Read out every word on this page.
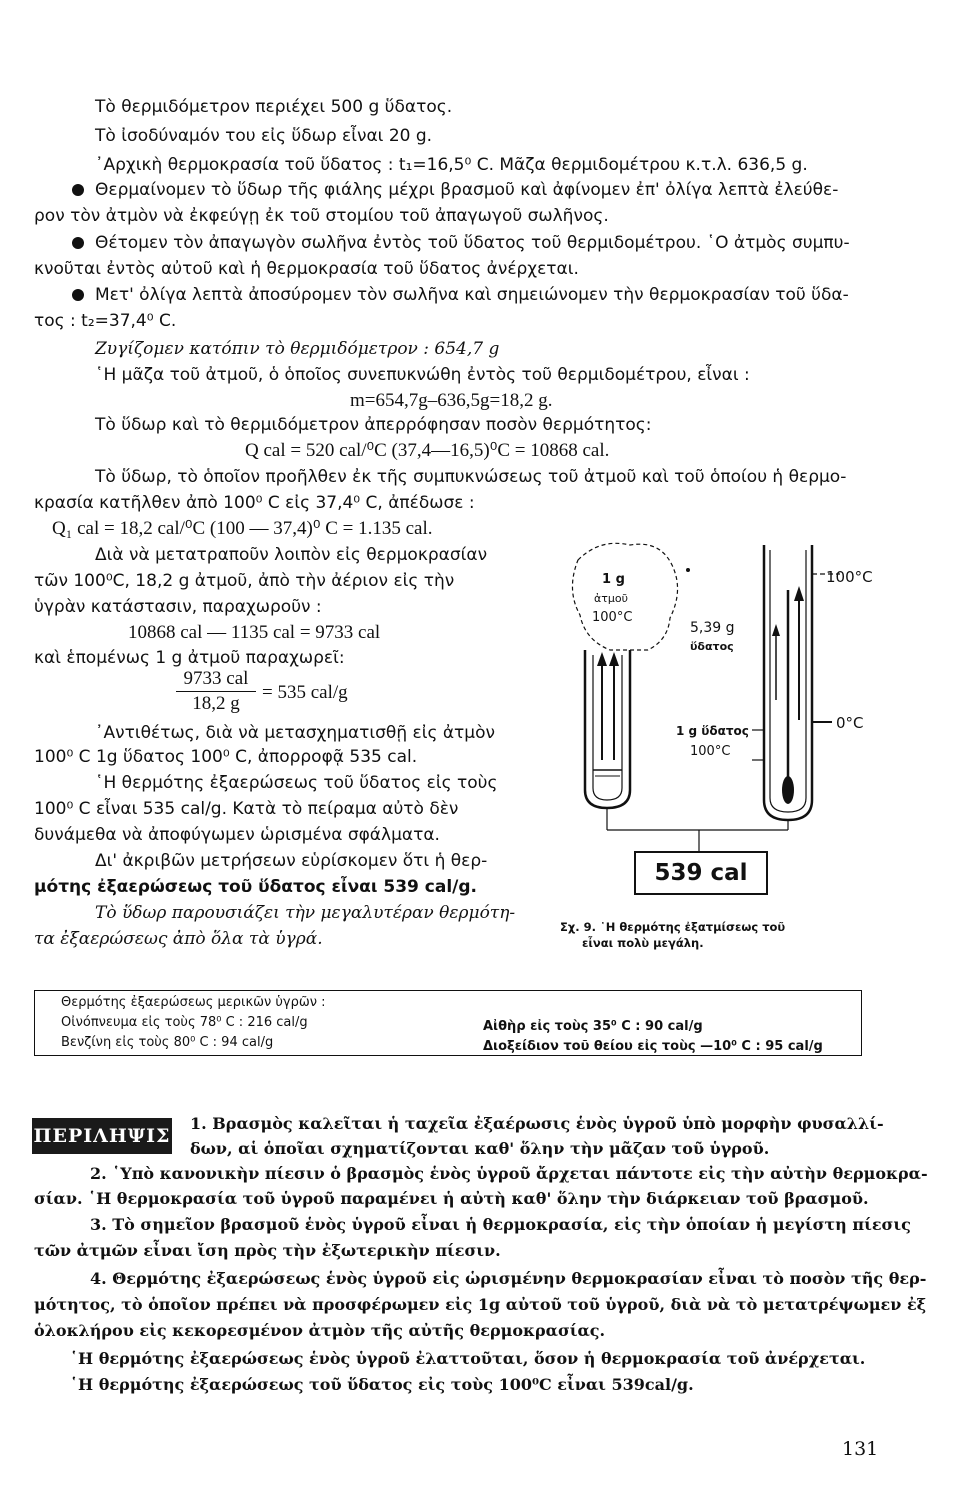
Τὸ θερμιδόμετρον περιέχει 500 g ὕδατος.
Τὸ ἰσοδύναμόν του εἰς ὕδωρ εἶναι 20 g.
᾿Αρχικὴ θερμοκρασία τοῦ ὕδατος : t₁=16,5⁰ C. Μᾶζα θερμιδομέτρου κ.τ.λ. 636,5 g.
Θερμαίνομεν τὸ ὕδωρ τῆς φιάλης μέχρι βρασμοῦ καὶ ἀφίνομεν ἐπ' ὀλίγα λεπτὰ ἐλεύθε-
ρον τὸν ἀτμὸν νὰ ἐκφεύγῃ ἐκ τοῦ στομίου τοῦ ἀπαγωγοῦ σωλῆνος.
Θέτομεν τὸν ἀπαγωγὸν σωλῆνα ἐντὸς τοῦ ὕδατος τοῦ θερμιδομέτρου. ῾Ο ἀτμὸς συμπυ-
κνοῦται ἐντὸς αὐτοῦ καὶ ἡ θερμοκρασία τοῦ ὕδατος ἀνέρχεται.
Μετ' ὀλίγα λεπτὰ ἀποσύρομεν τὸν σωλῆνα καὶ σημειώνομεν τὴν θερμοκρασίαν τοῦ ὕδα-
τος : t₂=37,4⁰ C.
Ζυγίζομεν κατόπιν τὸ θερμιδόμετρον : 654,7 g
῾Η μᾶζα τοῦ ἀτμοῦ, ὁ ὁποῖος συνεπυκνώθη ἐντὸς τοῦ θερμιδομέτρου, εἶναι :
m=654,7g–636,5g=18,2 g.
Τὸ ὕδωρ καὶ τὸ θερμιδόμετρον ἀπερρόφησαν ποσὸν θερμότητος:
Q cal = 520 cal/⁰C (37,4—16,5)⁰C = 10868 cal.
Τὸ ὕδωρ, τὸ ὁποῖον προῆλθεν ἐκ τῆς συμπυκνώσεως τοῦ ἀτμοῦ καὶ τοῦ ὁποίου ἡ θερμο-
κρασία κατῆλθεν ἀπὸ 100⁰ C εἰς 37,4⁰ C, ἀπέδωσε :
Q₁ cal = 18,2 cal/⁰C (100 — 37,4)⁰ C = 1.135 cal.
Διὰ νὰ μετατραποῦν λοιπὸν εἰς θερμοκρασίαν
τῶν 100⁰C, 18,2 g ἀτμοῦ, ἀπὸ τὴν ἀέριον εἰς τὴν
ὑγρὰν κατάστασιν, παραχωροῦν :
10868 cal — 1135 cal = 9733 cal
καὶ ἑπομένως 1 g ἀτμοῦ παραχωρεῖ:
9733 cal
18,2 g
= 535 cal/g
᾿Αντιθέτως, διὰ νὰ μετασχηματισθῇ εἰς ἀτμὸν
100⁰ C 1g ὕδατος 100⁰ C, ἀπορροφᾷ 535 cal.
῾Η θερμότης ἐξαερώσεως τοῦ ὕδατος εἰς τοὺς
100⁰ C εἶναι 535 cal/g. Κατὰ τὸ πείραμα αὐτὸ δὲν
δυνάμεθα νὰ ἀποφύγωμεν ὡρισμένα σφάλματα.
Δι' ἀκριβῶν μετρήσεων εὑρίσκομεν ὅτι ἡ θερ-
μότης ἐξαερώσεως τοῦ ὕδατος εἶναι 539 cal/g.
Τὸ ὕδωρ παρουσιάζει τὴν μεγαλυτέραν θερμότη-
τα ἐξαερώσεως ἀπὸ ὅλα τὰ ὑγρά.
100°C
0°C
1 g
ἀτμοῦ
100°C
5,39 g
ὕδατος
1 g ὕδατος
100°C
539 cal
Σχ. 9. ῾Η θερμότης ἐξατμίσεως τοῦ
εἶναι πολὺ μεγάλη.
Θερμότης ἐξαερώσεως μερικῶν ὑγρῶν :
Οἰνόπνευμα εἰς τοὺς 78⁰ C : 216 cal/g
Βενζίνη εἰς τοὺς 80⁰ C : 94 cal/g
Αἰθὴρ εἰς τοὺς 35⁰ C : 90 cal/g
Διοξείδιον τοῦ θείου εἰς τοὺς —10⁰ C : 95 cal/g
ΠΕΡΙΛΗΨΙΣ
1. Βρασμὸς καλεῖται ἡ ταχεῖα ἐξαέρωσις ἑνὸς ὑγροῦ ὑπὸ μορφὴν φυσαλλί-
δων, αἱ ὁποῖαι σχηματίζονται καθ' ὅλην τὴν μᾶζαν τοῦ ὑγροῦ.
2. ῾Υπὸ κανονικὴν πίεσιν ὁ βρασμὸς ἑνὸς ὑγροῦ ἄρχεται πάντοτε εἰς τὴν αὐτὴν θερμοκρα-
σίαν. ῾Η θερμοκρασία τοῦ ὑγροῦ παραμένει ἡ αὐτὴ καθ' ὅλην τὴν διάρκειαν τοῦ βρασμοῦ.
3. Τὸ σημεῖον βρασμοῦ ἑνὸς ὑγροῦ εἶναι ἡ θερμοκρασία, εἰς τὴν ὁποίαν ἡ μεγίστη πίεσις
τῶν ἀτμῶν εἶναι ἴση πρὸς τὴν ἐξωτερικὴν πίεσιν.
4. Θερμότης ἐξαερώσεως ἑνὸς ὑγροῦ εἰς ὡρισμένην θερμοκρασίαν εἶναι τὸ ποσὸν τῆς θερ-
μότητος, τὸ ὁποῖον πρέπει νὰ προσφέρωμεν εἰς 1g αὐτοῦ τοῦ ὑγροῦ, διὰ νὰ τὸ μετατρέψωμεν ἐξ
ὁλοκλήρου εἰς κεκορεσμένον ἀτμὸν τῆς αὐτῆς θερμοκρασίας.
῾Η θερμότης ἐξαερώσεως ἑνὸς ὑγροῦ ἐλαττοῦται, ὅσον ἡ θερμοκρασία τοῦ ἀνέρχεται.
῾Η θερμότης ἐξαερώσεως τοῦ ὕδατος εἰς τοὺς 100⁰C εἶναι 539cal/g.
131
